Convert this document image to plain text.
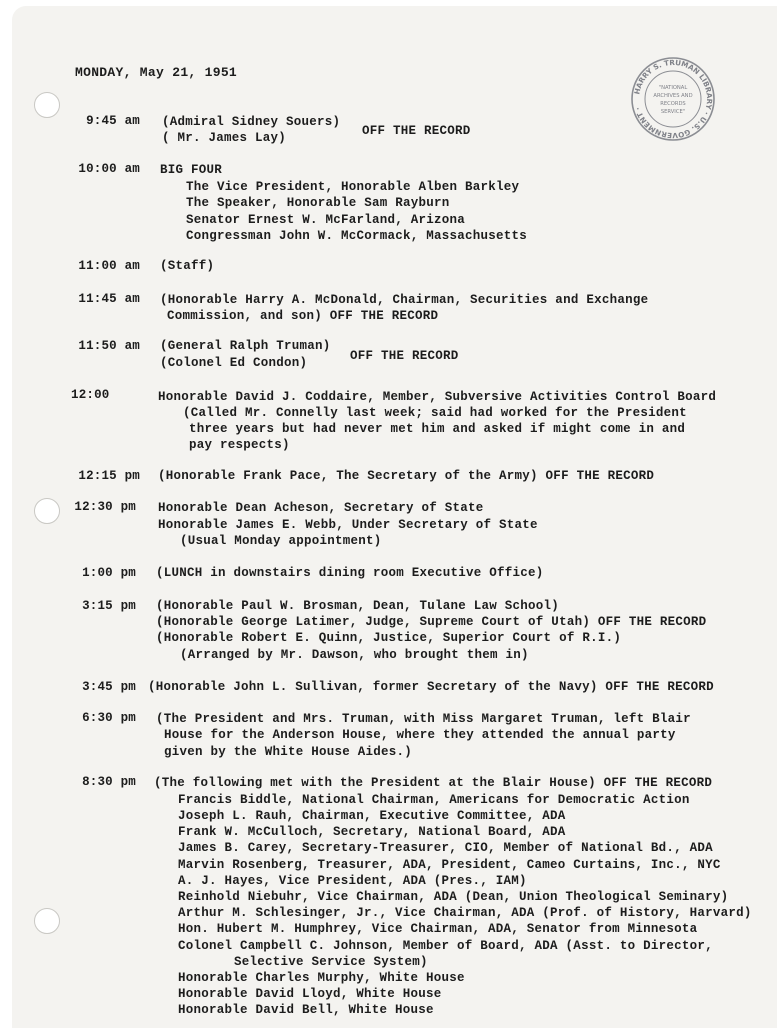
MONDAY, May 21, 1951
HARRY S. TRUMAN LIBRARY · U.S. GOVERNMENT ·
"NATIONAL
ARCHIVES AND
RECORDS
SERVICE"
9:45 am (Admiral Sidney Souers)
( Mr. James Lay)	OFF THE RECORD
10:00 am BIG FOUR
The Vice President, Honorable Alben Barkley
The Speaker, Honorable Sam Rayburn
Senator Ernest W. McFarland, Arizona
Congressman John W. McCormack, Massachusetts
11:00 am (Staff)
11:45 am (Honorable Harry A. McDonald, Chairman, Securities and Exchange
Commission, and son) OFF THE RECORD
11:50 am (General Ralph Truman)
(Colonel Ed Condon)	OFF THE RECORD
12:00	Honorable David J. Coddaire, Member, Subversive Activities Control Board
(Called Mr. Connelly last week; said had worked for the President
three years but had never met him and asked if might come in and
pay respects)
12:15 pm (Honorable Frank Pace, The Secretary of the Army) OFF THE RECORD
12:30 pm Honorable Dean Acheson, Secretary of State
Honorable James E. Webb, Under Secretary of State
(Usual Monday appointment)
1:00 pm (LUNCH in downstairs dining room Executive Office)
3:15 pm (Honorable Paul W. Brosman, Dean, Tulane Law School)
(Honorable George Latimer, Judge, Supreme Court of Utah) OFF THE RECORD
(Honorable Robert E. Quinn, Justice, Superior Court of R.I.)
(Arranged by Mr. Dawson, who brought them in)
3:45 pm (Honorable John L. Sullivan, former Secretary of the Navy) OFF THE RECORD
6:30 pm (The President and Mrs. Truman, with Miss Margaret Truman, left Blair
House for the Anderson House, where they attended the annual party
given by the White House Aides.)
8:30 pm (The following met with the President at the Blair House) OFF THE RECORD
Francis Biddle, National Chairman, Americans for Democratic Action
Joseph L. Rauh, Chairman, Executive Committee, ADA
Frank W. McCulloch, Secretary, National Board, ADA
James B. Carey, Secretary-Treasurer, CIO, Member of National Bd., ADA
Marvin Rosenberg, Treasurer, ADA, President, Cameo Curtains, Inc., NYC
A. J. Hayes, Vice President, ADA (Pres., IAM)
Reinhold Niebuhr, Vice Chairman, ADA (Dean, Union Theological Seminary)
Arthur M. Schlesinger, Jr., Vice Chairman, ADA (Prof. of History, Harvard)
Hon. Hubert M. Humphrey, Vice Chairman, ADA, Senator from Minnesota
Colonel Campbell C. Johnson, Member of Board, ADA (Asst. to Director,
Selective Service System)
Honorable Charles Murphy, White House
Honorable David Lloyd, White House
Honorable David Bell, White House
